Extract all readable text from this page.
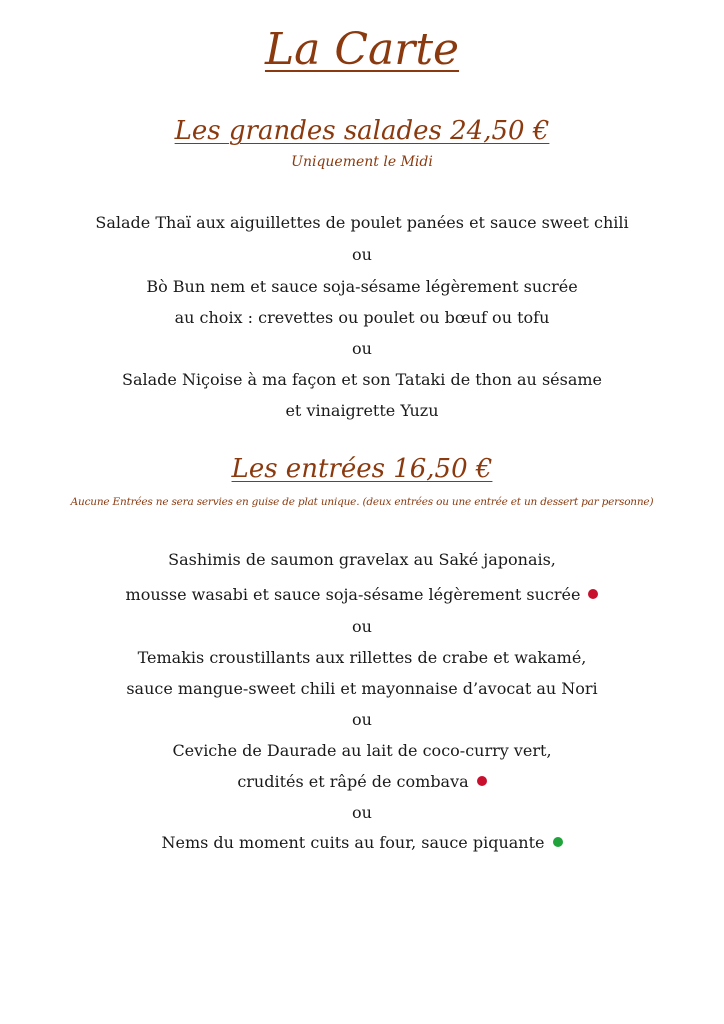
La Carte
Les grandes salades 24,50 €
Uniquement le Midi
Salade Thaï aux aiguillettes de poulet panées et sauce sweet chili
ou
Bò Bun nem et sauce soja-sésame légèrement sucrée
au choix : crevettes ou poulet ou bœuf ou tofu
ou
Salade Niçoise à ma façon et son Tataki de thon au sésame
et vinaigrette Yuzu
Les entrées 16,50 €
Aucune Entrées ne sera servies en guise de plat unique. (deux entrées ou une entrée et un dessert par personne)
Sashimis de saumon gravelax au Saké japonais,
mousse wasabi et sauce soja-sésame légèrement sucrée
ou
Temakis croustillants aux rillettes de crabe et wakamé,
sauce mangue-sweet chili et mayonnaise d’avocat au Nori
ou
Ceviche de Daurade au lait de coco-curry vert,
crudités et râpé de combava
ou
Nems du moment cuits au four, sauce piquante
